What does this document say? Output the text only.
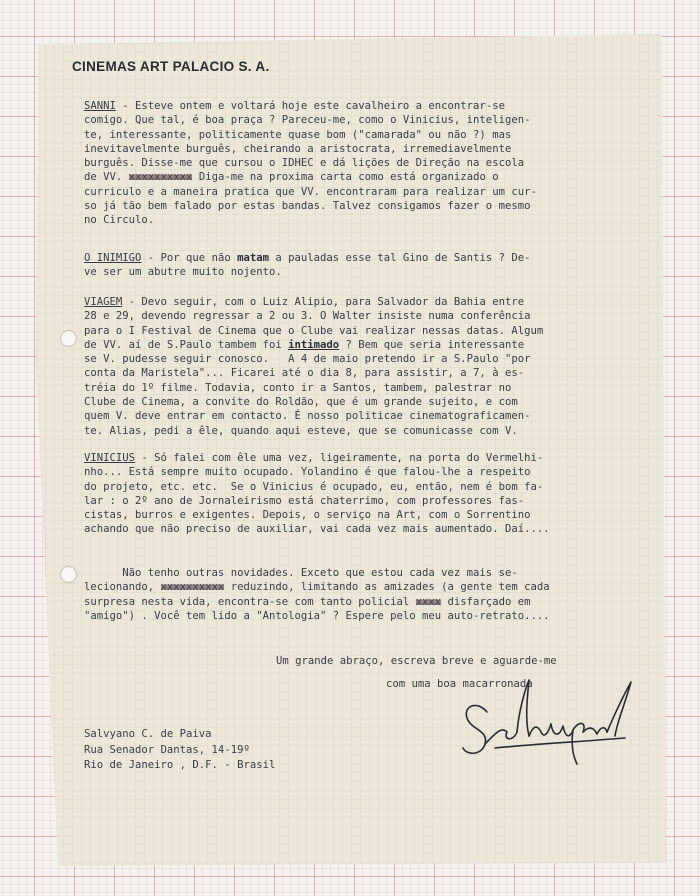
CINEMAS ART PALACIO S. A.
SANNI - Esteve ontem e voltará hoje este cavalheiro a encontrar-se
comigo. Que tal, é boa praça ? Pareceu-me, como o Vinicius, inteligen-
te, interessante, politicamente quase bom ("camarada" ou não ?) mas
inevitavelmente burguês, cheirando a aristocrata, irremediavelmente
burguês. Disse-me que cursou o IDHEC e dá lições de Direção na escola
de VV. xxxxxxxxxx Diga-me na proxima carta como está organizado o
curriculo e a maneira pratica que VV. encontraram para realizar um cur-
so já tão bem falado por estas bandas. Talvez consigamos fazer o mesmo
no Circulo.
O INIMIGO - Por que não matam a pauladas esse tal Gino de Santis ? De-
ve ser um abutre muito nojento.
VIAGEM - Devo seguir, com o Luiz Alipio, para Salvador da Bahia entre
28 e 29, devendo regressar a 2 ou 3. O Walter insiste numa conferência
para o I Festival de Cinema que o Clube vai realizar nessas datas. Algum
de VV. aí de S.Paulo tambem foi intimado ? Bem que seria interessante
se V. pudesse seguir conosco.   A 4 de maio pretendo ir a S.Paulo "por
conta da Maristela"... Ficarei até o dia 8, para assistir, a 7, à es-
tréia do 1º filme. Todavia, conto ir a Santos, tambem, palestrar no
Clube de Cinema, a convite do Roldão, que é um grande sujeito, e com
quem V. deve entrar em contacto. É nosso politicae cinematograficamen-
te. Alias, pedi a êle, quando aqui esteve, que se comunicasse com V.
VINICIUS - Só falei com êle uma vez, ligeiramente, na porta do Vermelhi-
nho... Está sempre muito ocupado. Yolandino é que falou-lhe a respeito
do projeto, etc. etc.  Se o Vinicius é ocupado, eu, então, nem é bom fa-
lar : o 2º ano de Jornaleirismo está chaterrimo, com professores fas-
cistas, burros e exigentes. Depois, o serviço na Art, com o Sorrentino
achando que não preciso de auxiliar, vai cada vez mais aumentado. Daí....
Não tenho outras novidades. Exceto que estou cada vez mais se-
lecionando, xxxxxxxxxx reduzindo, limitando as amizades (a gente tem cada
surpresa nesta vida, encontra-se com tanto policial xxxx disfarçado em
"amigo") . Você tem lido a "Antologia" ? Espere pelo meu auto-retrato....

Um grande abraço, escreva breve e aguarde-me

com uma boa macarronada

Salvyano C. de Paiva
Rua Senador Dantas, 14-19º
Rio de Janeiro , D.F. - Brasil
